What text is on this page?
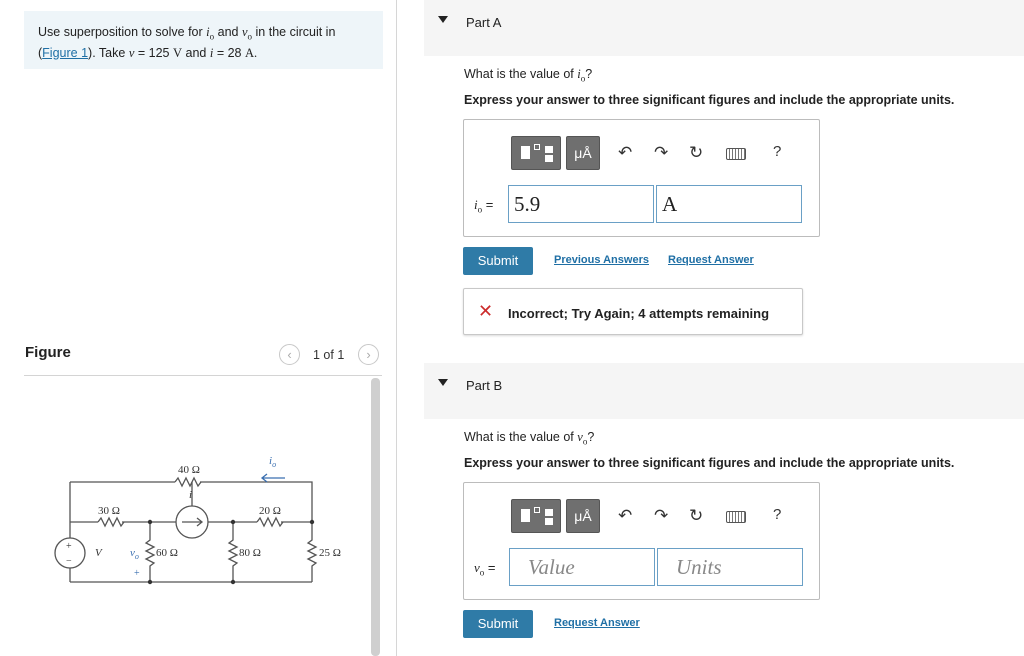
Use superposition to solve for $i_o$ and $v_o$ in the circuit in
(Figure 1). Take v = 125 V and i = 28 A.
Figure	‹	1 of 1	›
40 Ω
$i_o$
i
30 Ω	20 Ω
V
+
−
$v_o$
+
60 Ω	80 Ω	25 Ω
Part A
What is the value of $i_o$?
Express your answer to three significant figures and include the appropriate units.
μÅ	↶ ↷ ↻	?
$i_o = 5.9$	A
Submit	Previous Answers Request Answer
✕ Incorrect; Try Again; 4 attempts remaining
Part B
What is the value of $v_o$?
Express your answer to three significant figures and include the appropriate units.
μÅ	↶ ↷ ↻	?
$v_o$ =	Value	Units
Submit	Request Answer
